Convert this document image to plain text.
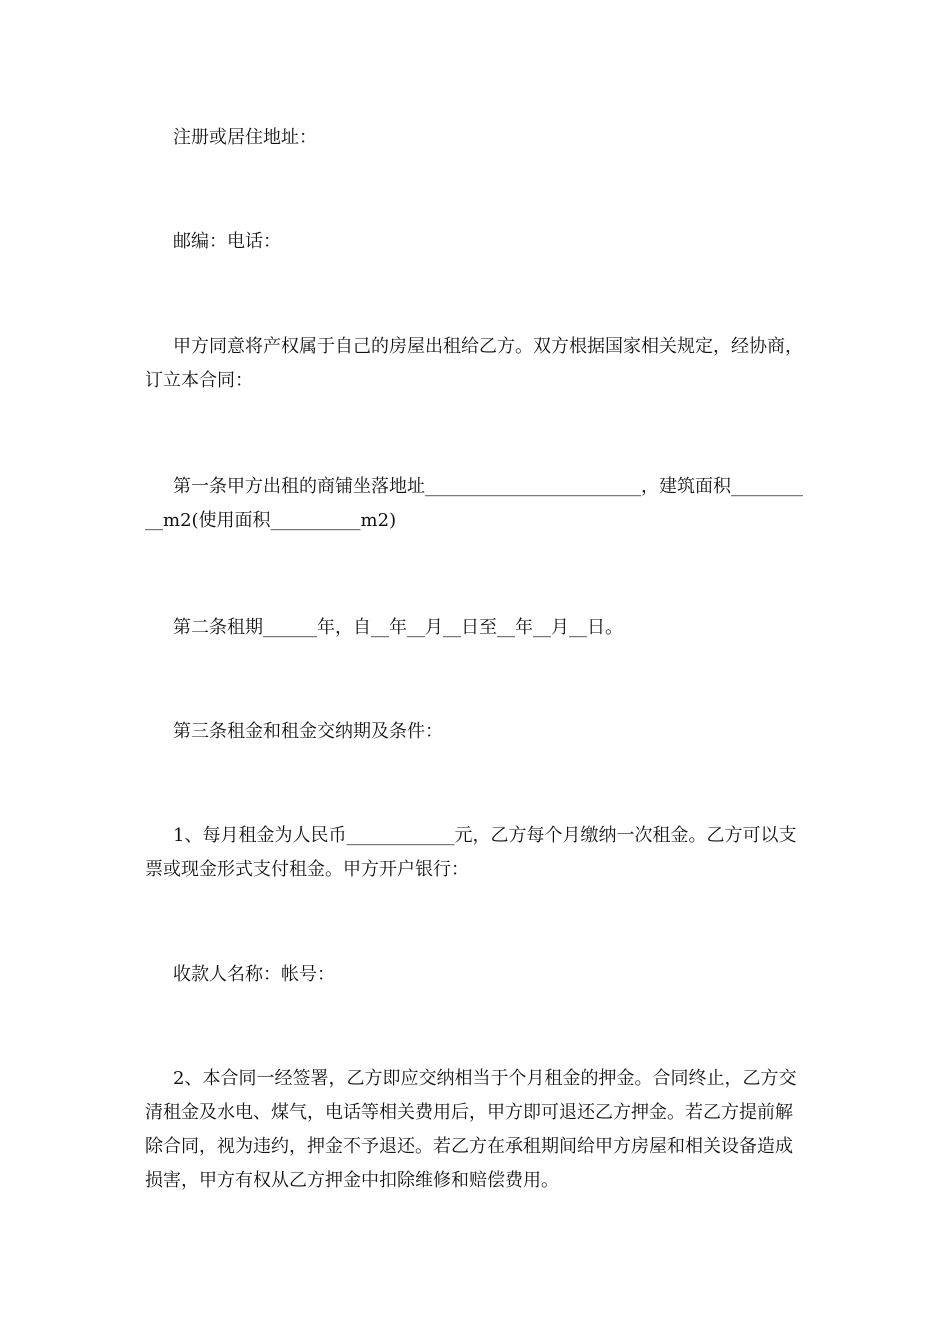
注册或居住地址：

邮编：电话：

甲方同意将产权属于自己的房屋出租给乙方。双方根据国家相关规定，经协商，订立本合同：

第一条甲方出租的商铺坐落地址________________________，建筑面积__________m2(使用面积__________m2)

第二条租期______年，自__年__月__日至__年__月__日。

第三条租金和租金交纳期及条件：

1、每月租金为人民币____________元，乙方每个月缴纳一次租金。乙方可以支票或现金形式支付租金。甲方开户银行：

收款人名称：帐号：

2、本合同一经签署，乙方即应交纳相当于个月租金的押金。合同终止，乙方交清租金及水电、煤气，电话等相关费用后，甲方即可退还乙方押金。若乙方提前解除合同，视为违约，押金不予退还。若乙方在承租期间给甲方房屋和相关设备造成损害，甲方有权从乙方押金中扣除维修和赔偿费用。
